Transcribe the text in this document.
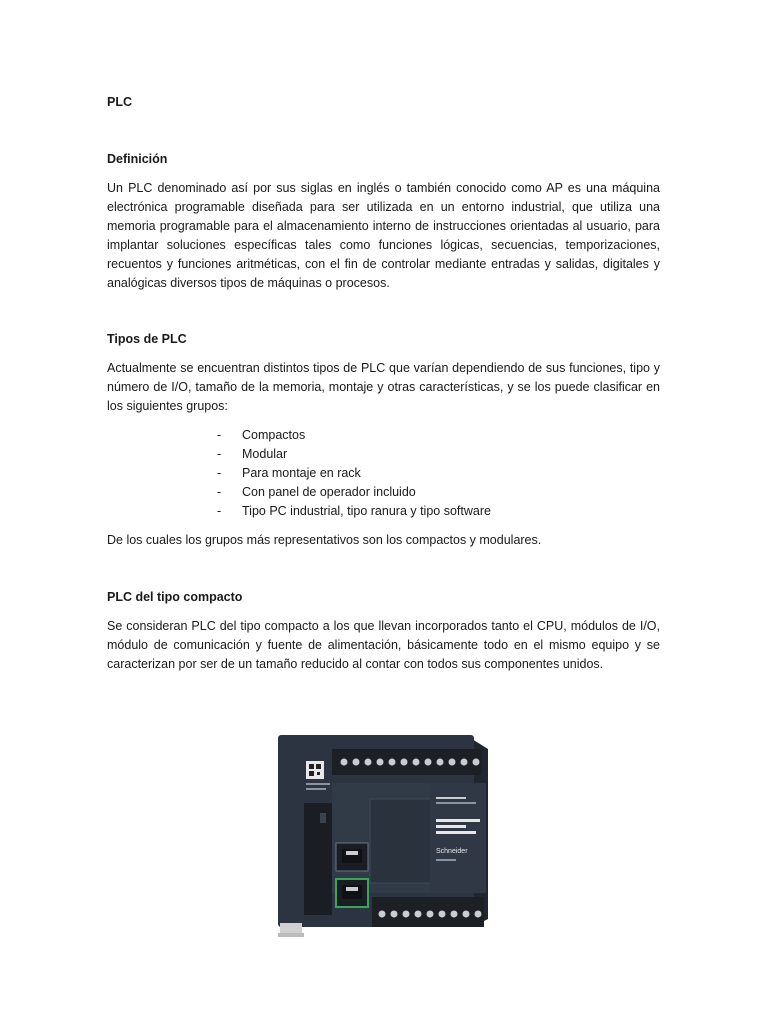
PLC

Definición

Un PLC denominado así por sus siglas en inglés o también conocido como AP es una máquina electrónica programable diseñada para ser utilizada en un entorno industrial, que utiliza una memoria programable para el almacenamiento interno de instrucciones orientadas al usuario, para implantar soluciones específicas tales como funciones lógicas, secuencias, temporizaciones, recuentos y funciones aritméticas, con el fin de controlar mediante entradas y salidas, digitales y analógicas diversos tipos de máquinas o procesos.

Tipos de PLC

Actualmente se encuentran distintos tipos de PLC que varían dependiendo de sus funciones, tipo y número de I/O, tamaño de la memoria, montaje y otras características, y se los puede clasificar en los siguientes grupos:

- Compactos
- Modular
- Para montaje en rack
- Con panel de operador incluido
- Tipo PC industrial, tipo ranura y tipo software

De los cuales los grupos más representativos son los compactos y modulares.

PLC del tipo compacto

Se consideran PLC del tipo compacto a los que llevan incorporados tanto el CPU, módulos de I/O, módulo de comunicación y fuente de alimentación, básicamente todo en el mismo equipo y se caracterizan por ser de un tamaño reducido al contar con todos sus componentes unidos.

Schneider
